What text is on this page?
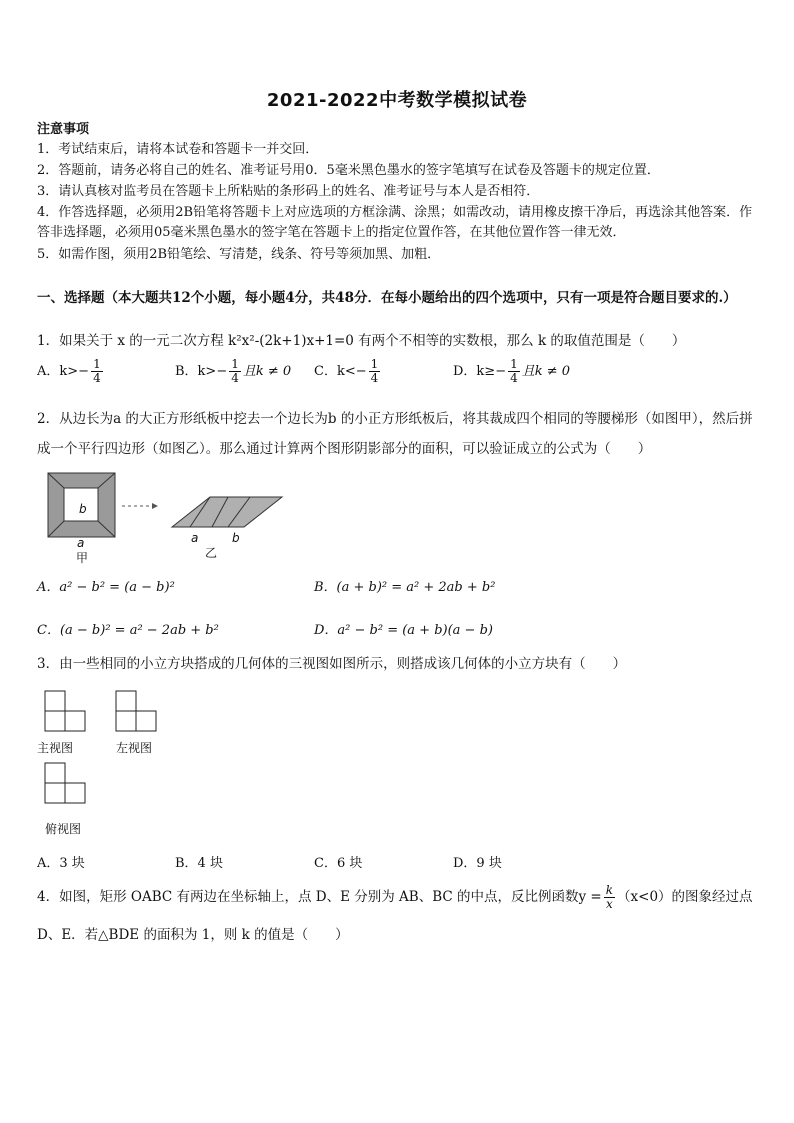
2021-2022中考数学模拟试卷
注意事项
1．考试结束后，请将本试卷和答题卡一并交回．
2．答题前，请务必将自己的姓名、准考证号用0．5毫米黑色墨水的签字笔填写在试卷及答题卡的规定位置．
3．请认真核对监考员在答题卡上所粘贴的条形码上的姓名、准考证号与本人是否相符．
4．作答选择题，必须用2B铅笔将答题卡上对应选项的方框涂满、涂黑；如需改动，请用橡皮擦干净后，再选涂其他答案．作答非选择题，必须用05毫米黑色墨水的签字笔在答题卡上的指定位置作答，在其他位置作答一律无效．
5．如需作图，须用2B铅笔绘、写清楚，线条、符号等须加黑、加粗．
一、选择题（本大题共12个小题，每小题4分，共48分．在每小题给出的四个选项中，只有一项是符合题目要求的.）
1．如果关于 x 的一元二次方程 k²x²-(2k+1)x+1=0 有两个不相等的实数根，那么 k 的取值范围是（　　）
A．$k>- \frac{1}{4}$	B．$k>- \frac{1}{4}$ 且k ≠ 0 C．$k<- \frac{1}{4}$	D．$k\ge- \frac{1}{4}$ 且k ≠ 0
2．从边长为a 的大正方形纸板中挖去一个边长为b 的小正方形纸板后，将其裁成四个相同的等腰梯形（如图甲），然后拼成一个平行四边形（如图乙）。那么通过计算两个图形阴影部分的面积，可以验证成立的公式为（　　）
b
a
甲
a	b
乙
A．a² − b² = (a − b)²	B．(a + b)² = a² + 2ab + b²
C．(a − b)² = a² − 2ab + b²	D．a² − b² = (a + b)(a − b)
3．由一些相同的小立方块搭成的几何体的三视图如图所示，则搭成该几何体的小立方块有（　　）
主视图	左视图
俯视图
A．3 块	B．4 块	C．6 块	D．9 块
4．如图，矩形 OABC 有两边在坐标轴上，点 D、E 分别为 AB、BC 的中点，反比例函数$y = \frac{k}{x} (x<0)$的图象经过点
D、E．若△BDE 的面积为 1，则 k 的值是（　　）
